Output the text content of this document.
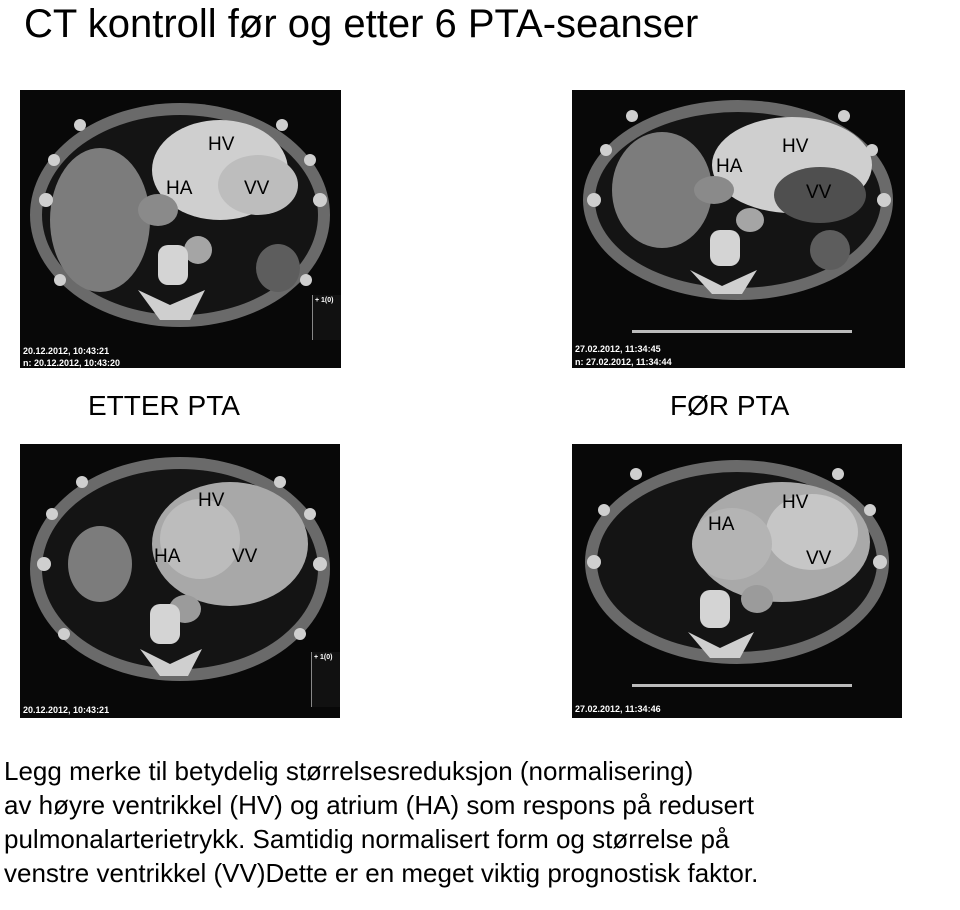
CT kontroll før og etter 6 PTA-seanser
+ 1(0)
HV
HA	VV
20.12.2012, 10:43:21
n: 20.12.2012, 10:43:20
HV
HA
VV
27.02.2012, 11:34:45
n: 27.02.2012, 11:34:44
ETTER PTA	FØR PTA
+ 1(0)
HV
HA	VV
20.12.2012, 10:43:21
HV
HA
VV
27.02.2012, 11:34:46

Legg merke til betydelig størrelsesreduksjon (normalisering)
av høyre ventrikkel (HV) og atrium (HA) som respons på redusert
pulmonalarterietrykk. Samtidig normalisert form og størrelse på
venstre ventrikkel (VV)Dette er en meget viktig prognostisk faktor.
